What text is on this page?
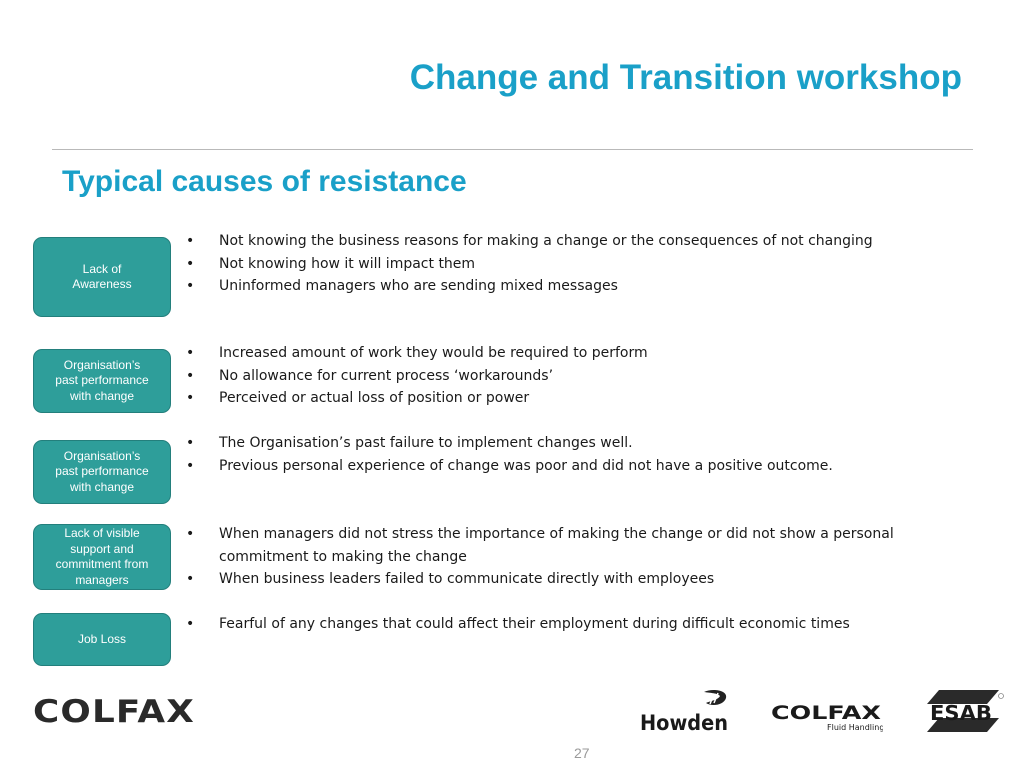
Change and Transition workshop
Typical causes of resistance
Lack of
Awareness
Organisation’s
past performance
with change
Organisation’s
past performance
with change
Lack of visible
support and
commitment from
managers
Job Loss
• Not knowing the business reasons for making a change or the consequences of not changing
• Not knowing how it will impact them
• Uninformed managers who are sending mixed messages
• Increased amount of work they would be required to perform
• No allowance for current process ‘workarounds’
• Perceived or actual loss of position or power
• The Organisation’s past failure to implement changes well.
• Previous personal experience of change was poor and did not have a positive outcome.
• When managers did not stress the importance of making the change or did not show a personal commitment to making the change
• When business leaders failed to communicate directly with employees
• Fearful of any changes that could affect their employment during difficult economic times
COLFAX	Howden COLFAX
Fluid Handling
ESAB
27
